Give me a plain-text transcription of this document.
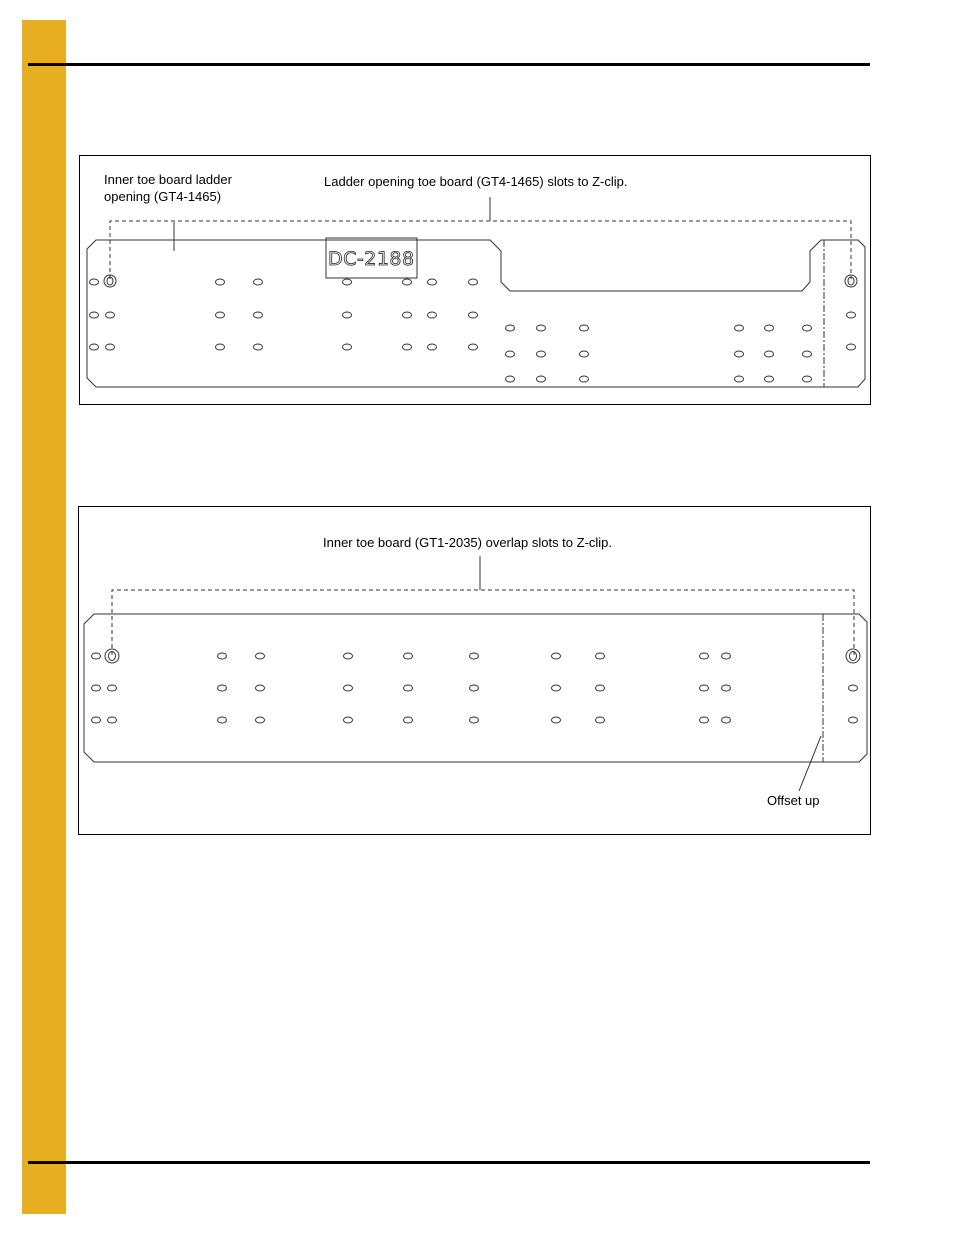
Inner toe board ladder
opening (GT4-1465)
Ladder opening toe board (GT4-1465) slots to Z-clip.
DC-2188
Inner toe board (GT1-2035) overlap slots to Z-clip.
Offset up
